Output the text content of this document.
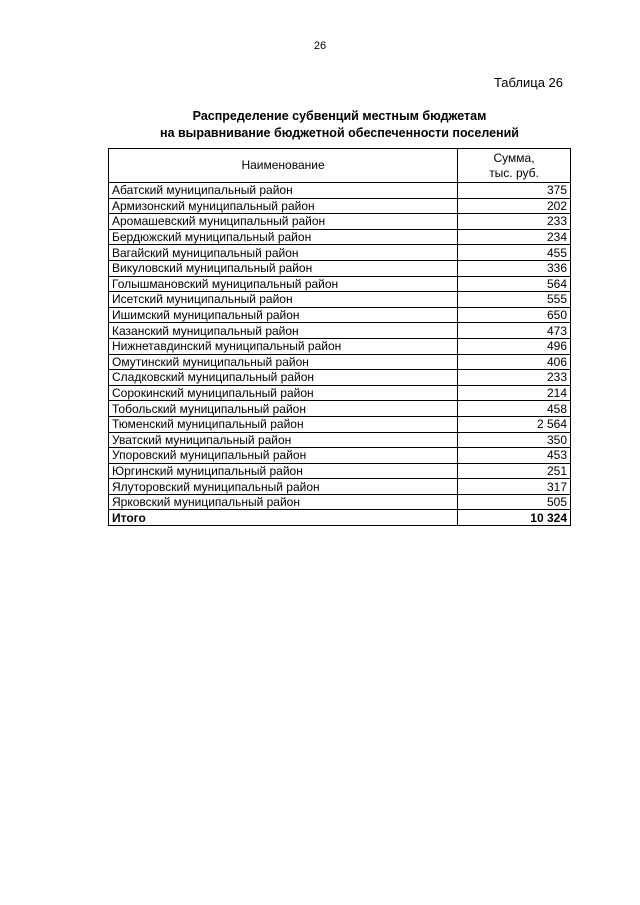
26
Таблица 26
Распределение субвенций местным бюджетам
на выравнивание бюджетной обеспеченности поселений
Наименование	Сумма,
тыс. руб.

Абатский муниципальный район	375
Армизонский муниципальный район	202
Аромашевский муниципальный район	233
Бердюжский муниципальный район	234
Вагайский муниципальный район	455
Викуловский муниципальный район	336
Голышмановский муниципальный район	564
Исетский муниципальный район	555
Ишимский муниципальный район	650
Казанский муниципальный район	473
Нижнетавдинский муниципальный район	496
Омутинский муниципальный район	406
Сладковский муниципальный район	233
Сорокинский муниципальный район	214
Тобольский муниципальный район	458
Тюменский муниципальный район	2 564
Уватский муниципальный район	350
Упоровский муниципальный район	453
Юргинский муниципальный район	251
Ялуторовский муниципальный район	317
Ярковский муниципальный район	505
Итого	10 324
